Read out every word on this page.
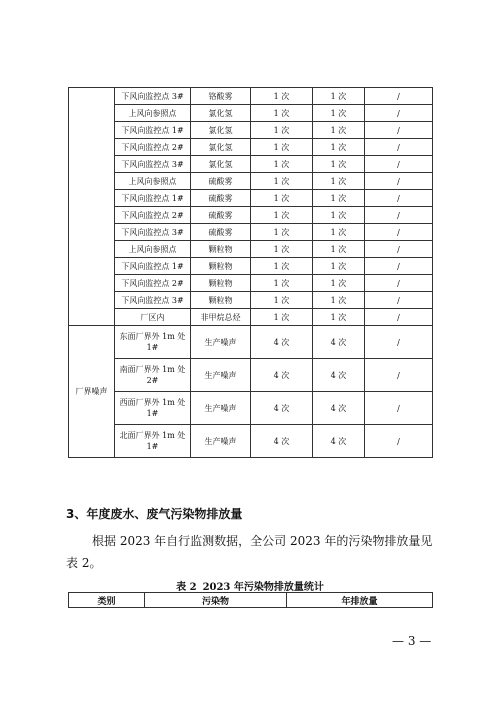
	下风向监控点 3#	铬酸雾	1 次	1 次	/
	上风向参照点	氯化氢	1 次	1 次	/
	下风向监控点 1#	氯化氢	1 次	1 次	/
	下风向监控点 2#	氯化氢	1 次	1 次	/
	下风向监控点 3#	氯化氢	1 次	1 次	/
	上风向参照点	硫酸雾	1 次	1 次	/
	下风向监控点 1#	硫酸雾	1 次	1 次	/
	下风向监控点 2#	硫酸雾	1 次	1 次	/
	下风向监控点 3#	硫酸雾	1 次	1 次	/
	上风向参照点	颗粒物	1 次	1 次	/
	下风向监控点 1#	颗粒物	1 次	1 次	/
	下风向监控点 2#	颗粒物	1 次	1 次	/
	下风向监控点 3#	颗粒物	1 次	1 次	/
	厂区内	非甲烷总烃	1 次	1 次	/
厂界噪声	东面厂界外 1m 处 1#	生产噪声	4 次	4 次	/
	南面厂界外 1m 处 2#	生产噪声	4 次	4 次	/
	西面厂界外 1m 处 1#	生产噪声	4 次	4 次	/
	北面厂界外 1m 处 1#	生产噪声	4 次	4 次	/
3、年度废水、废气污染物排放量

根据 2023 年自行监测数据，全公司 2023 年的污染物排放量见表 2。

表 2 2023 年污染物排放量统计

类别	污染物	年排放量
— 3 —
